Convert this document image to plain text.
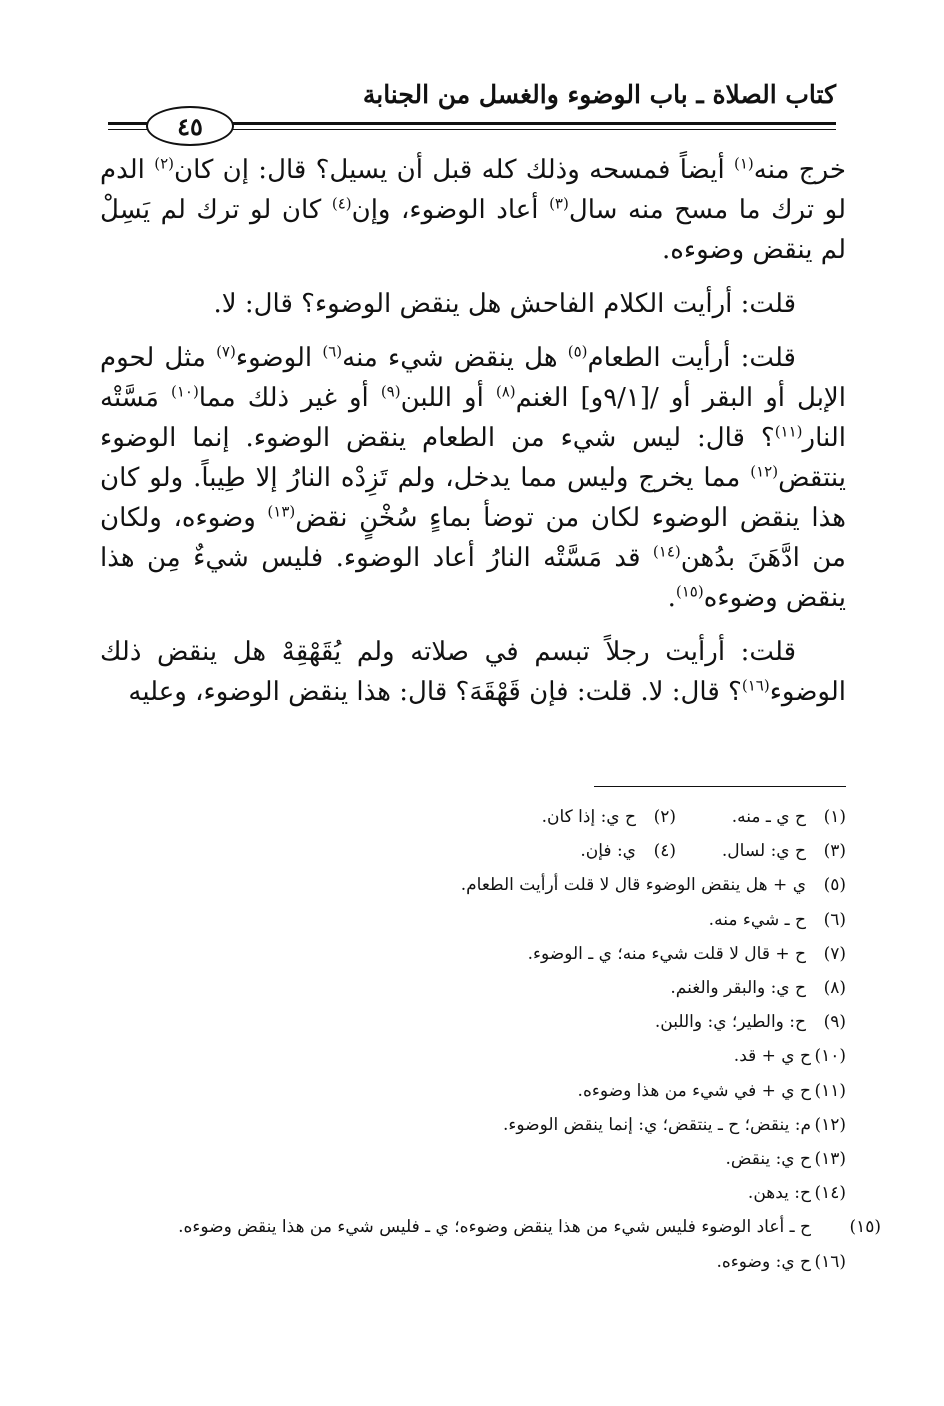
كتاب الصلاة ـ باب الوضوء والغسل من الجنابة
٤٥

خرج منه$^{(١)}$ أيضاً فمسحه وذلك كله قبل أن يسيل؟ قال: إن كان$^{(٢)}$ الدم لو ترك ما مسح منه سال$^{(٣)}$ أعاد الوضوء، وإن$^{(٤)}$ كان لو ترك لم يَسِلْ لم ينقض وضوءه.

قلت: أرأيت الكلام الفاحش هل ينقض الوضوء؟ قال: لا.

قلت: أرأيت الطعام$^{(٥)}$ هل ينقض شيء منه$^{(٦)}$ الوضوء$^{(٧)}$ مثل لحوم الإبل أو البقر أو /[٩/١و] الغنم$^{(٨)}$ أو اللبن$^{(٩)}$ أو غير ذلك مما$^{(١٠)}$ مَسَّتْه النار$^{(١١)}$؟ قال: ليس شيء من الطعام ينقض الوضوء. إنما الوضوء ينتقض$^{(١٢)}$ مما يخرج وليس مما يدخل، ولم تَزِدْه النارُ إلا طِيباً. ولو كان هذا ينقض الوضوء لكان من توضأ بماءٍ سُخْنٍ نقض$^{(١٣)}$ وضوءه، ولكان من ادَّهَنَ بدُهن$^{(١٤)}$ قد مَسَّتْه النارُ أعاد الوضوء. فليس شيءٌ مِن هذا ينقض وضوءه$^{(١٥)}$.

قلت: أرأيت رجلاً تبسم في صلاته ولم يُقَهْقِهْ هل ينقض ذلك الوضوء$^{(١٦)}$؟ قال: لا. قلت: فإن قَهْقَهَ؟ قال: هذا ينقض الوضوء، وعليه

(١)ح ي ـ منه.
(٢)ح ي: إذا كان.
(٣)ح ي: لسال.
(٤)ي: فإن.
(٥)
ي + هل ينقض الوضوء قال لا قلت أرأيت الطعام.
(٦)
ح ـ شيء منه.
(٧)
ح + قال لا قلت شيء منه؛ ي ـ الوضوء.
(٨)
ح ي: والبقر والغنم.
(٩)
ح: والطير؛ ي: واللبن.
(١٠)
ح ي + قد.
(١١)
ح ي + في شيء من هذا وضوءه.
(١٢)
م: ينقض؛ ح ـ ينتقض؛ ي: إنما ينقض الوضوء.
(١٣)
ح ي: ينقض.
(١٤)
ح: يدهن.
(١٥)ح ـ أعاد الوضوء فليس شيء من هذا ينقض وضوءه؛ ي ـ فليس شيء من هذا ينقض وضوءه.
(١٦)
ح ي: وضوءه.
